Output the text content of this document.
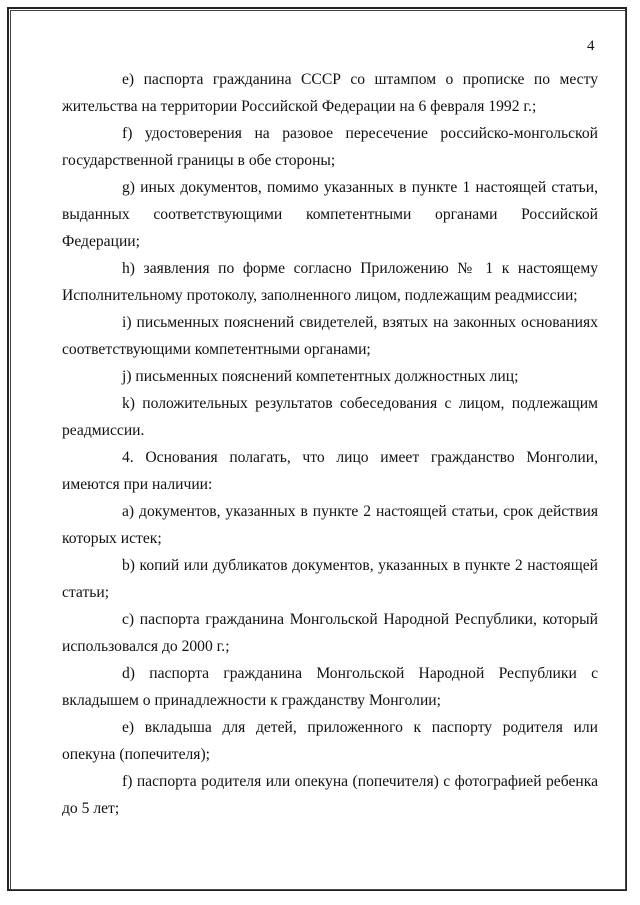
4

e) паспорта гражданина СССР со штампом о прописке по месту жительства на территории Российской Федерации на 6 февраля 1992 г.;

f) удостоверения на разовое пересечение российско-монгольской государственной границы в обе стороны;

g) иных документов, помимо указанных в пункте 1 настоящей статьи, выданных соответствующими компетентными органами Российской Федерации;

h) заявления по форме согласно Приложению № 1 к настоящему Исполнительному протоколу, заполненного лицом, подлежащим реадмиссии;

i) письменных пояснений свидетелей, взятых на законных основаниях соответствующими компетентными органами;

j) письменных пояснений компетентных должностных лиц;

k) положительных результатов собеседования с лицом, подлежащим реадмиссии.

4. Основания полагать, что лицо имеет гражданство Монголии, имеются при наличии:

a) документов, указанных в пункте 2 настоящей статьи, срок действия которых истек;

b) копий или дубликатов документов, указанных в пункте 2 настоящей статьи;

c) паспорта гражданина Монгольской Народной Республики, который использовался до 2000 г.;

d) паспорта гражданина Монгольской Народной Республики с вкладышем о принадлежности к гражданству Монголии;

e) вкладыша для детей, приложенного к паспорту родителя или опекуна (попечителя);

f) паспорта родителя или опекуна (попечителя) с фотографией ребенка до 5 лет;
